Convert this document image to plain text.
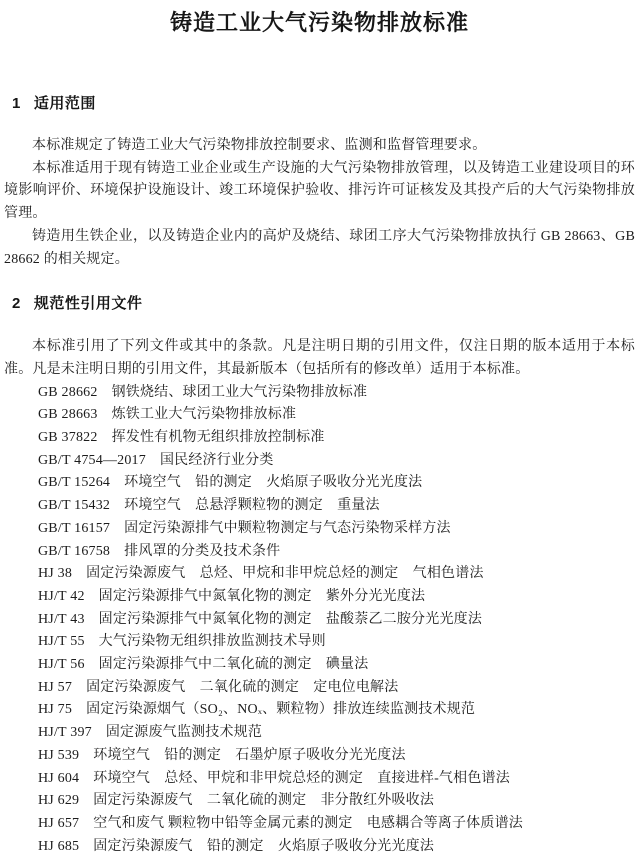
铸造工业大气污染物排放标准
1 适用范围

本标准规定了铸造工业大气污染物排放控制要求、监测和监督管理要求。

本标准适用于现有铸造工业企业或生产设施的大气污染物排放管理，以及铸造工业建设项目的环境影响评价、环境保护设施设计、竣工环境保护验收、排污许可证核发及其投产后的大气污染物排放管理。

铸造用生铁企业，以及铸造企业内的高炉及烧结、球团工序大气污染物排放执行 GB 28663、GB 28662 的相关规定。

2 规范性引用文件

本标准引用了下列文件或其中的条款。凡是注明日期的引用文件，仅注日期的版本适用于本标准。凡是未注明日期的引用文件，其最新版本（包括所有的修改单）适用于本标准。

GB 28662 钢铁烧结、球团工业大气污染物排放标准
GB 28663 炼铁工业大气污染物排放标准
GB 37822 挥发性有机物无组织排放控制标准
GB/T 4754—2017 国民经济行业分类
GB/T 15264 环境空气　铅的测定　火焰原子吸收分光光度法
GB/T 15432 环境空气　总悬浮颗粒物的测定　重量法
GB/T 16157 固定污染源排气中颗粒物测定与气态污染物采样方法
GB/T 16758 排风罩的分类及技术条件
HJ 38 固定污染源废气　总烃、甲烷和非甲烷总烃的测定　气相色谱法
HJ/T 42 固定污染源排气中氮氧化物的测定　紫外分光光度法
HJ/T 43 固定污染源排气中氮氧化物的测定　盐酸萘乙二胺分光光度法
HJ/T 55 大气污染物无组织排放监测技术导则
HJ/T 56 固定污染源排气中二氧化硫的测定　碘量法
HJ 57 固定污染源废气　二氧化硫的测定　定电位电解法
HJ 75 固定污染源烟气（SO₂、NOₓ、颗粒物）排放连续监测技术规范
HJ/T 397 固定源废气监测技术规范
HJ 539 环境空气　铅的测定　石墨炉原子吸收分光光度法
HJ 604 环境空气　总烃、甲烷和非甲烷总烃的测定　直接进样-气相色谱法
HJ 629 固定污染源废气　二氧化硫的测定　非分散红外吸收法
HJ 657 空气和废气 颗粒物中铅等金属元素的测定　电感耦合等离子体质谱法
HJ 685 固定污染源废气　铅的测定　火焰原子吸收分光光度法
